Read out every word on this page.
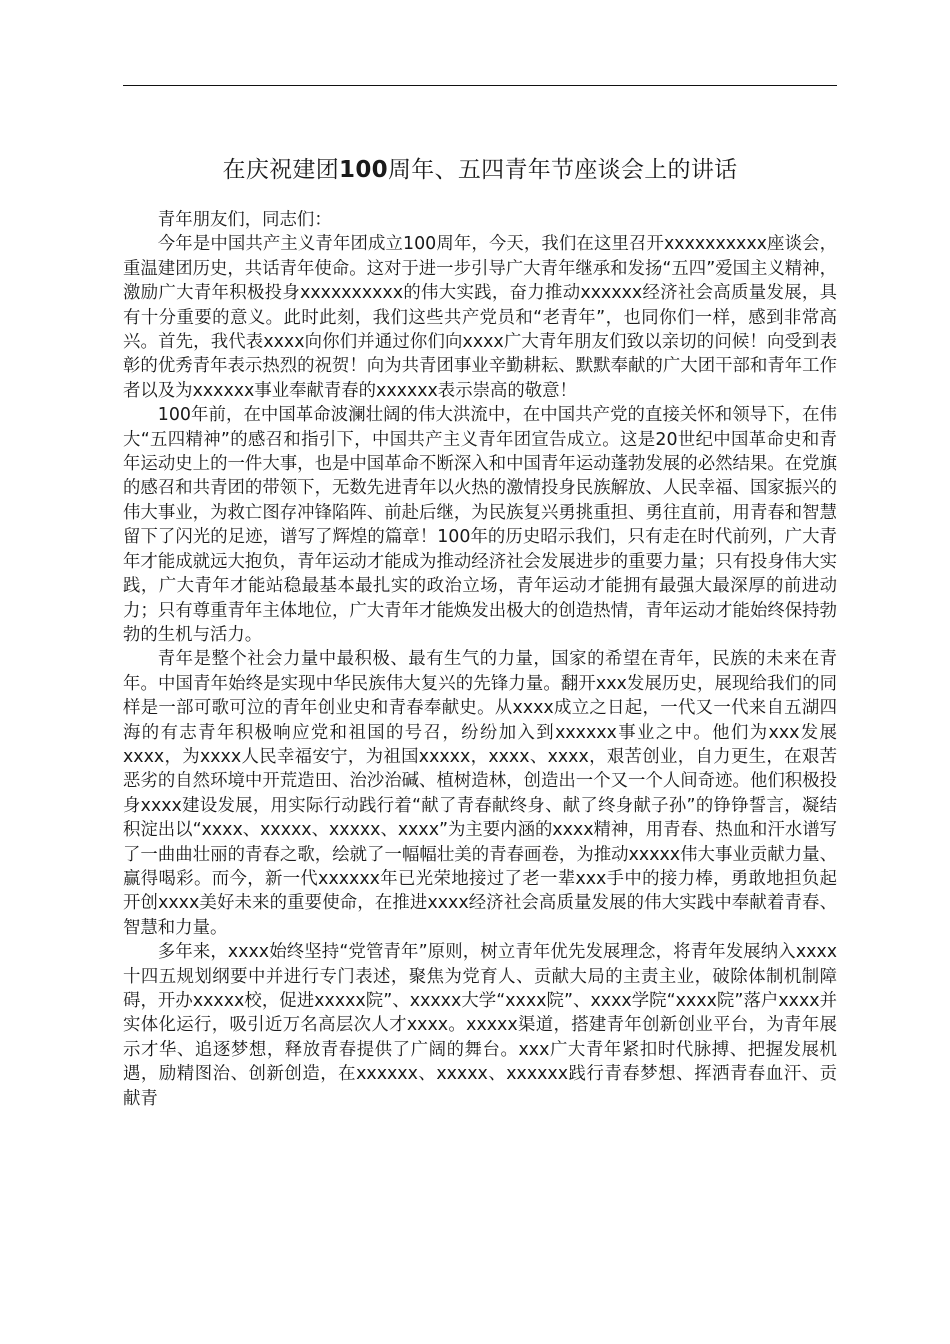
在庆祝建团100周年、五四青年节座谈会上的讲话

青年朋友们，同志们：

今年是中国共产主义青年团成立100周年，今天，我们在这里召开xxxxxxxxxx座谈会，重温建团历史，共话青年使命。这对于进一步引导广大青年继承和发扬“五四”爱国主义精神，激励广大青年积极投身xxxxxxxxxx的伟大实践，奋力推动xxxxxx经济社会高质量发展，具有十分重要的意义。此时此刻，我们这些共产党员和“老青年”，也同你们一样，感到非常高兴。首先，我代表xxxx向你们并通过你们向xxxx广大青年朋友们致以亲切的问候！向受到表彰的优秀青年表示热烈的祝贺！向为共青团事业辛勤耕耘、默默奉献的广大团干部和青年工作者以及为xxxxxx事业奉献青春的xxxxxx表示崇高的敬意！

100年前，在中国革命波澜壮阔的伟大洪流中，在中国共产党的直接关怀和领导下，在伟大“五四精神”的感召和指引下，中国共产主义青年团宣告成立。这是20世纪中国革命史和青年运动史上的一件大事，也是中国革命不断深入和中国青年运动蓬勃发展的必然结果。在党旗的感召和共青团的带领下，无数先进青年以火热的激情投身民族解放、人民幸福、国家振兴的伟大事业，为救亡图存冲锋陷阵、前赴后继，为民族复兴勇挑重担、勇往直前，用青春和智慧留下了闪光的足迹，谱写了辉煌的篇章！100年的历史昭示我们，只有走在时代前列，广大青年才能成就远大抱负，青年运动才能成为推动经济社会发展进步的重要力量；只有投身伟大实践，广大青年才能站稳最基本最扎实的政治立场，青年运动才能拥有最强大最深厚的前进动力；只有尊重青年主体地位，广大青年才能焕发出极大的创造热情，青年运动才能始终保持勃勃的生机与活力。

青年是整个社会力量中最积极、最有生气的力量，国家的希望在青年，民族的未来在青年。中国青年始终是实现中华民族伟大复兴的先锋力量。翻开xxx发展历史，展现给我们的同样是一部可歌可泣的青年创业史和青春奉献史。从xxxx成立之日起，一代又一代来自五湖四海的有志青年积极响应党和祖国的号召，纷纷加入到xxxxxx事业之中。他们为xxx发展xxxx，为xxxx人民幸福安宁，为祖国xxxxx，xxxx、xxxx，艰苦创业，自力更生，在艰苦恶劣的自然环境中开荒造田、治沙治碱、植树造林，创造出一个又一个人间奇迹。他们积极投身xxxx建设发展，用实际行动践行着“献了青春献终身、献了终身献子孙”的铮铮誓言，凝结积淀出以“xxxx、xxxxx、xxxxx、xxxx”为主要内涵的xxxx精神，用青春、热血和汗水谱写了一曲曲壮丽的青春之歌，绘就了一幅幅壮美的青春画卷，为推动xxxxx伟大事业贡献力量、赢得喝彩。而今，新一代xxxxxx年已光荣地接过了老一辈xxx手中的接力棒，勇敢地担负起开创xxxx美好未来的重要使命，在推进xxxx经济社会高质量发展的伟大实践中奉献着青春、智慧和力量。

多年来，xxxx始终坚持“党管青年”原则，树立青年优先发展理念，将青年发展纳入xxxx十四五规划纲要中并进行专门表述，聚焦为党育人、贡献大局的主责主业，破除体制机制障碍，开办xxxxx校，促进xxxxx院”、xxxxx大学“xxxx院”、xxxx学院“xxxx院”落户xxxx并实体化运行，吸引近万名高层次人才xxxx。xxxxx渠道，搭建青年创新创业平台，为青年展示才华、追逐梦想，释放青春提供了广阔的舞台。xxx广大青年紧扣时代脉搏、把握发展机遇，励精图治、创新创造，在xxxxxx、xxxxx、xxxxxx践行青春梦想、挥洒青春血汗、贡献青
